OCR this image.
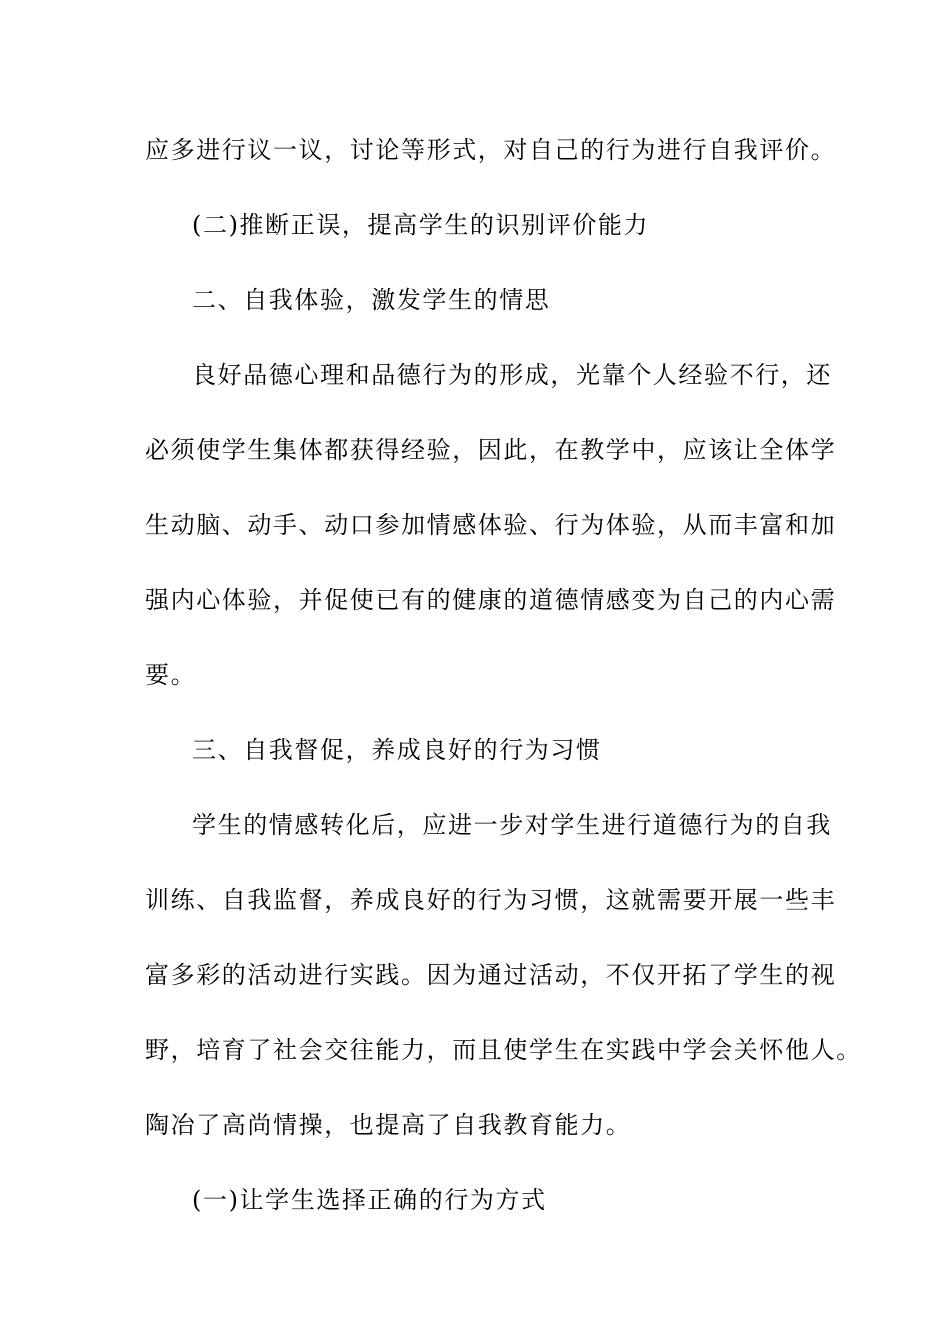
应多进行议一议，讨论等形式，对自己的行为进行自我评价。
(二)推断正误，提高学生的识别评价能力
二、自我体验，激发学生的情思
良好品德心理和品德行为的形成，光靠个人经验不行，还
必须使学生集体都获得经验，因此，在教学中，应该让全体学
生动脑、动手、动口参加情感体验、行为体验，从而丰富和加
强内心体验，并促使已有的健康的道德情感变为自己的内心需
要。
三、自我督促，养成良好的行为习惯
学生的情感转化后，应进一步对学生进行道德行为的自我
训练、自我监督，养成良好的行为习惯，这就需要开展一些丰
富多彩的活动进行实践。因为通过活动，不仅开拓了学生的视
野，培育了社会交往能力，而且使学生在实践中学会关怀他人。
陶冶了高尚情操，也提高了自我教育能力。
(一)让学生选择正确的行为方式
